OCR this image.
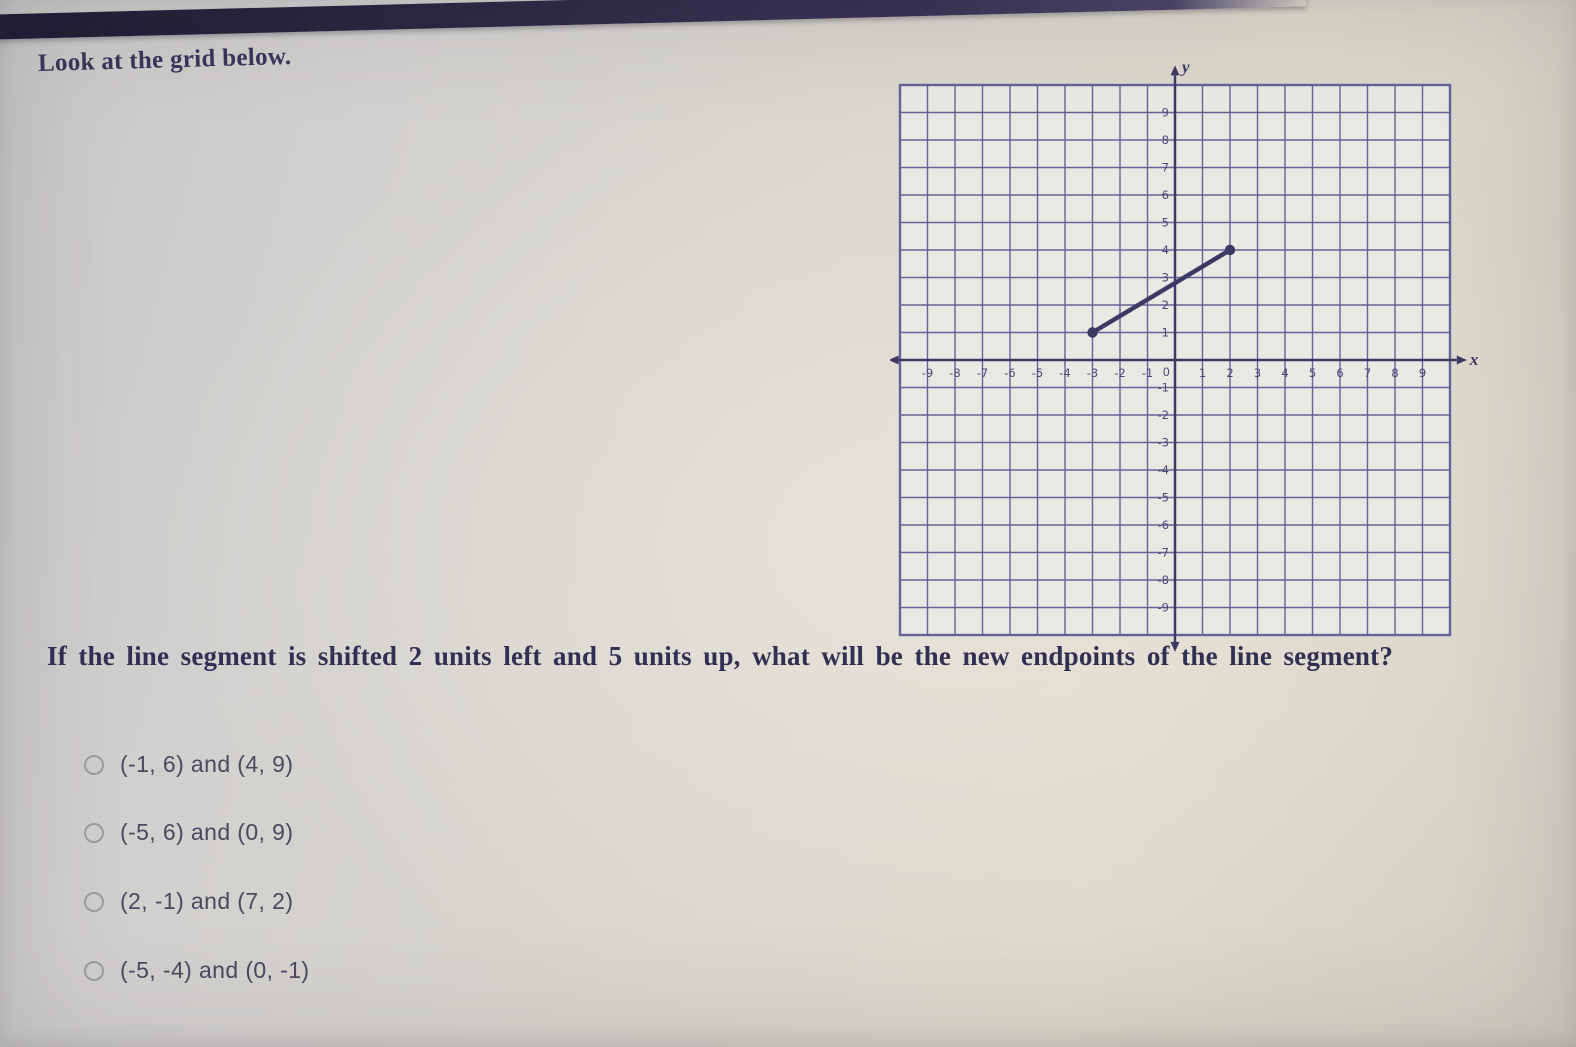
Look at the grid below.
-9 -8 -7 -6 -5 -4 -3 -2 -1	1 2 3 4 5 6 7 8 9
0
-9
-8
-7
-6
-5
-4
-3
-2
-1
1
2
3
4
5
6
7
8
9
x
y
If the line segment is shifted 2 units left and 5 units up, what will be the new endpoints of the line segment?
(-1, 6) and (4, 9)
(-5, 6) and (0, 9)
(2, -1) and (7, 2)
(-5, -4) and (0, -1)
